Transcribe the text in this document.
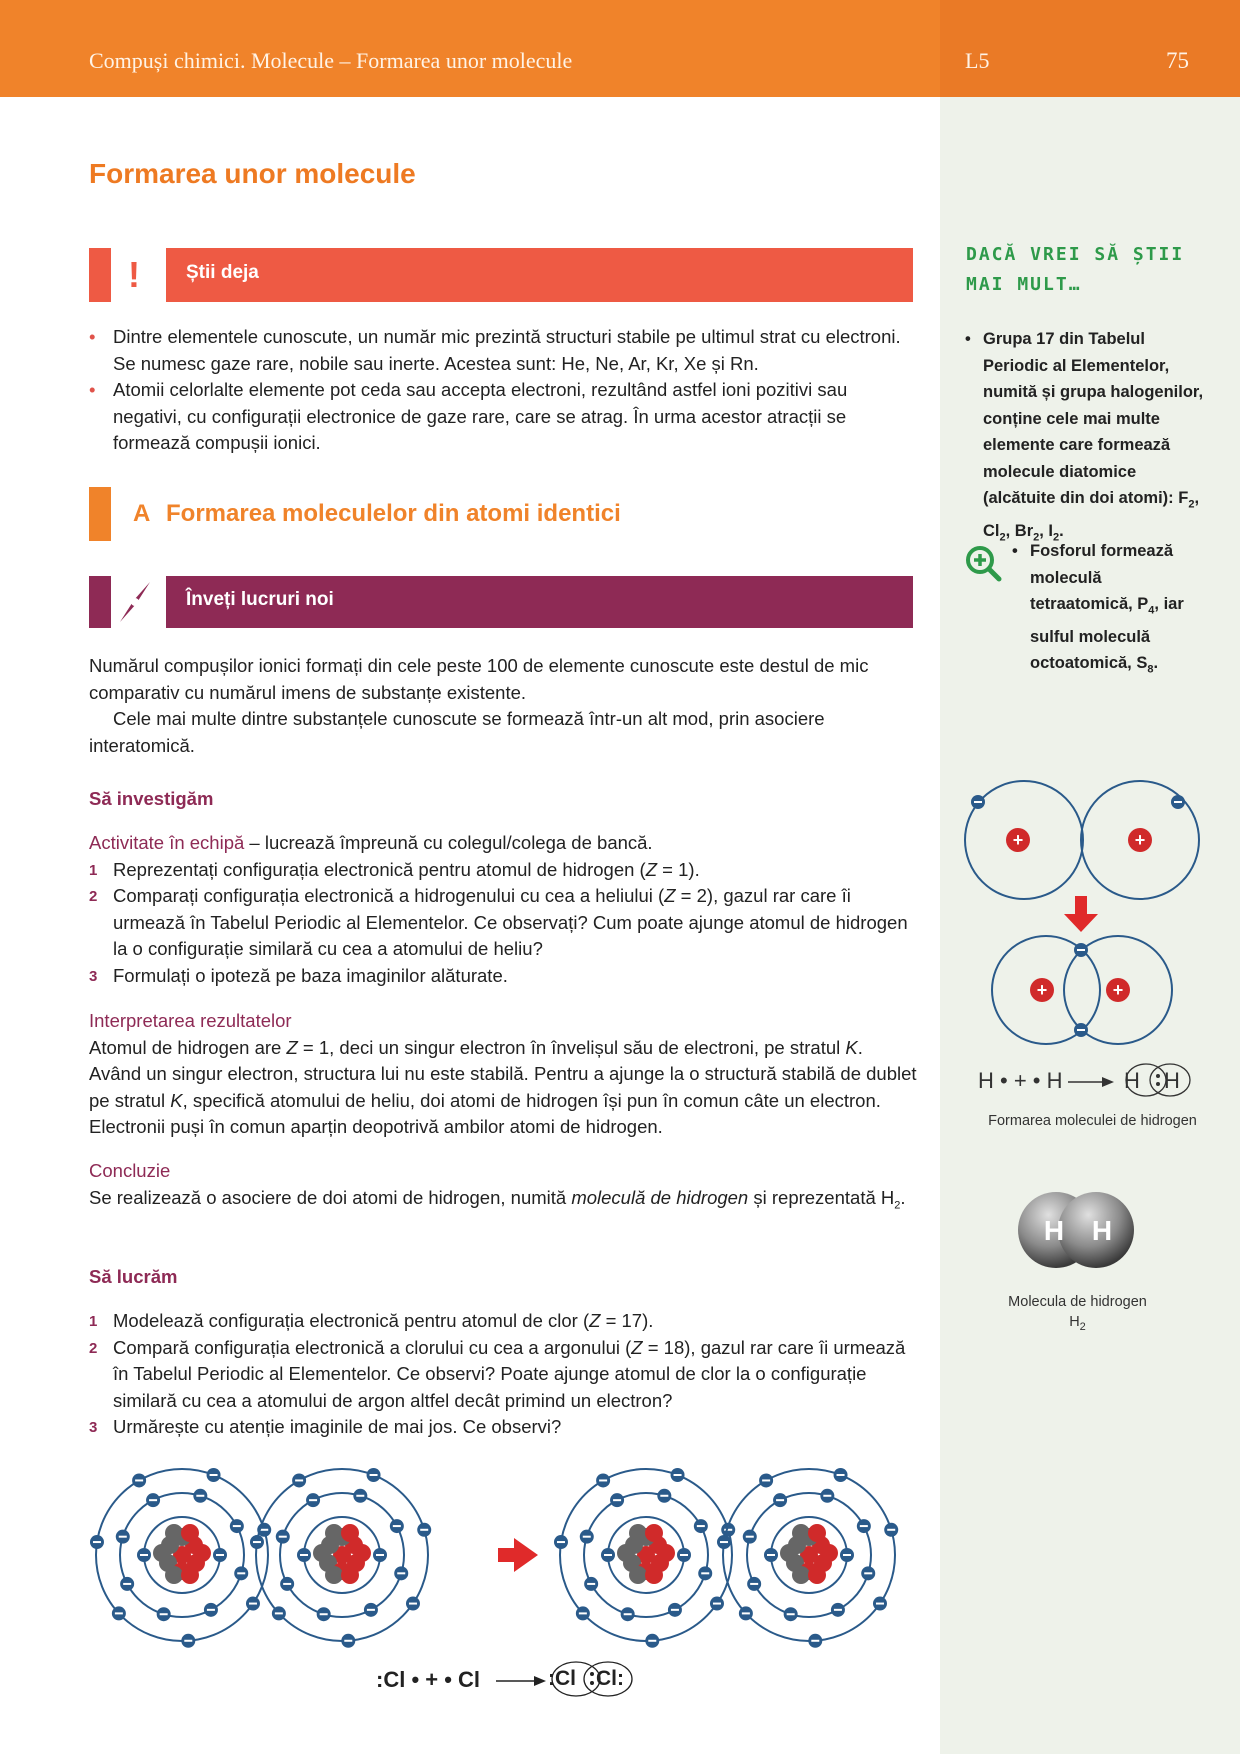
Compuși chimici. Molecule – Formarea unor molecule	L5	75
Formarea unor molecule
! Știi deja
• Dintre elementele cunoscute, un număr mic prezintă structuri stabile pe ultimul strat cu electroni. Se numesc gaze rare, nobile sau inerte. Acestea sunt: He, Ne, Ar, Kr, Xe și Rn.
• Atomii celorlalte elemente pot ceda sau accepta electroni, rezultând astfel ioni pozitivi sau negativi, cu configurații electronice de gaze rare, care se atrag. În urma acestor atracții se formează compușii ionici.
A Formarea moleculelor din atomi identici
Înveți lucruri noi
Numărul compușilor ionici formați din cele peste 100 de elemente cunoscute este destul de mic comparativ cu numărul imens de substanțe existente.
Cele mai multe dintre substanțele cunoscute se formează într-un alt mod, prin asociere interatomică.
Să investigăm
Activitate în echipă – lucrează împreună cu colegul/colega de bancă.
1 Reprezentați configurația electronică pentru atomul de hidrogen (Z = 1).
2 Comparați configurația electronică a hidrogenului cu cea a heliului (Z = 2), gazul rar care îi urmează în Tabelul Periodic al Elementelor. Ce observați? Cum poate ajunge atomul de hidrogen la o configurație similară cu cea a atomului de heliu?
3 Formulați o ipoteză pe baza imaginilor alăturate.
Interpretarea rezultatelor
Atomul de hidrogen are Z = 1, deci un singur electron în învelișul său de electroni, pe stratul K. Având un singur electron, structura lui nu este stabilă. Pentru a ajunge la o structură stabilă de dublet pe stratul K, specifică atomului de heliu, doi atomi de hidrogen își pun în comun câte un electron. Electronii puși în comun aparțin deopotrivă ambilor atomi de hidrogen.
Concluzie
Se realizează o asociere de doi atomi de hidrogen, numită moleculă de hidrogen și reprezentată $H_2$.
Să lucrăm
1 Modelează configurația electronică pentru atomul de clor (Z = 17).
2 Compară configurația electronică a clorului cu cea a argonului (Z = 18), gazul rar care îi urmează în Tabelul Periodic al Elementelor. Ce observi? Poate ajunge atomul de clor la o configurație similară cu cea a atomului de argon altfel decât primind un electron?
3 Urmărește cu atenție imaginile de mai jos. Ce observi?
DACĂ VREI SĂ ȘTII
MAI MULT…
• Grupa 17 din Tabelul Periodic al Elementelor, numită și grupa halogenilor, conține cele mai multe elemente care formează molecule diatomice (alcătuite din doi atomi): $F_2$, $Cl_2$, $Br_2$, $I_2$.
• Fosforul formează moleculă tetraatomică, $P_4$, iar sulful moleculă octoatomică, $S_8$.
+	+
+	+
H • + • H	H H
Formarea moleculei de hidrogen
H H
Molecula de hidrogen
$H_2$
:Cl • + • Cl	:Cl Cl:
